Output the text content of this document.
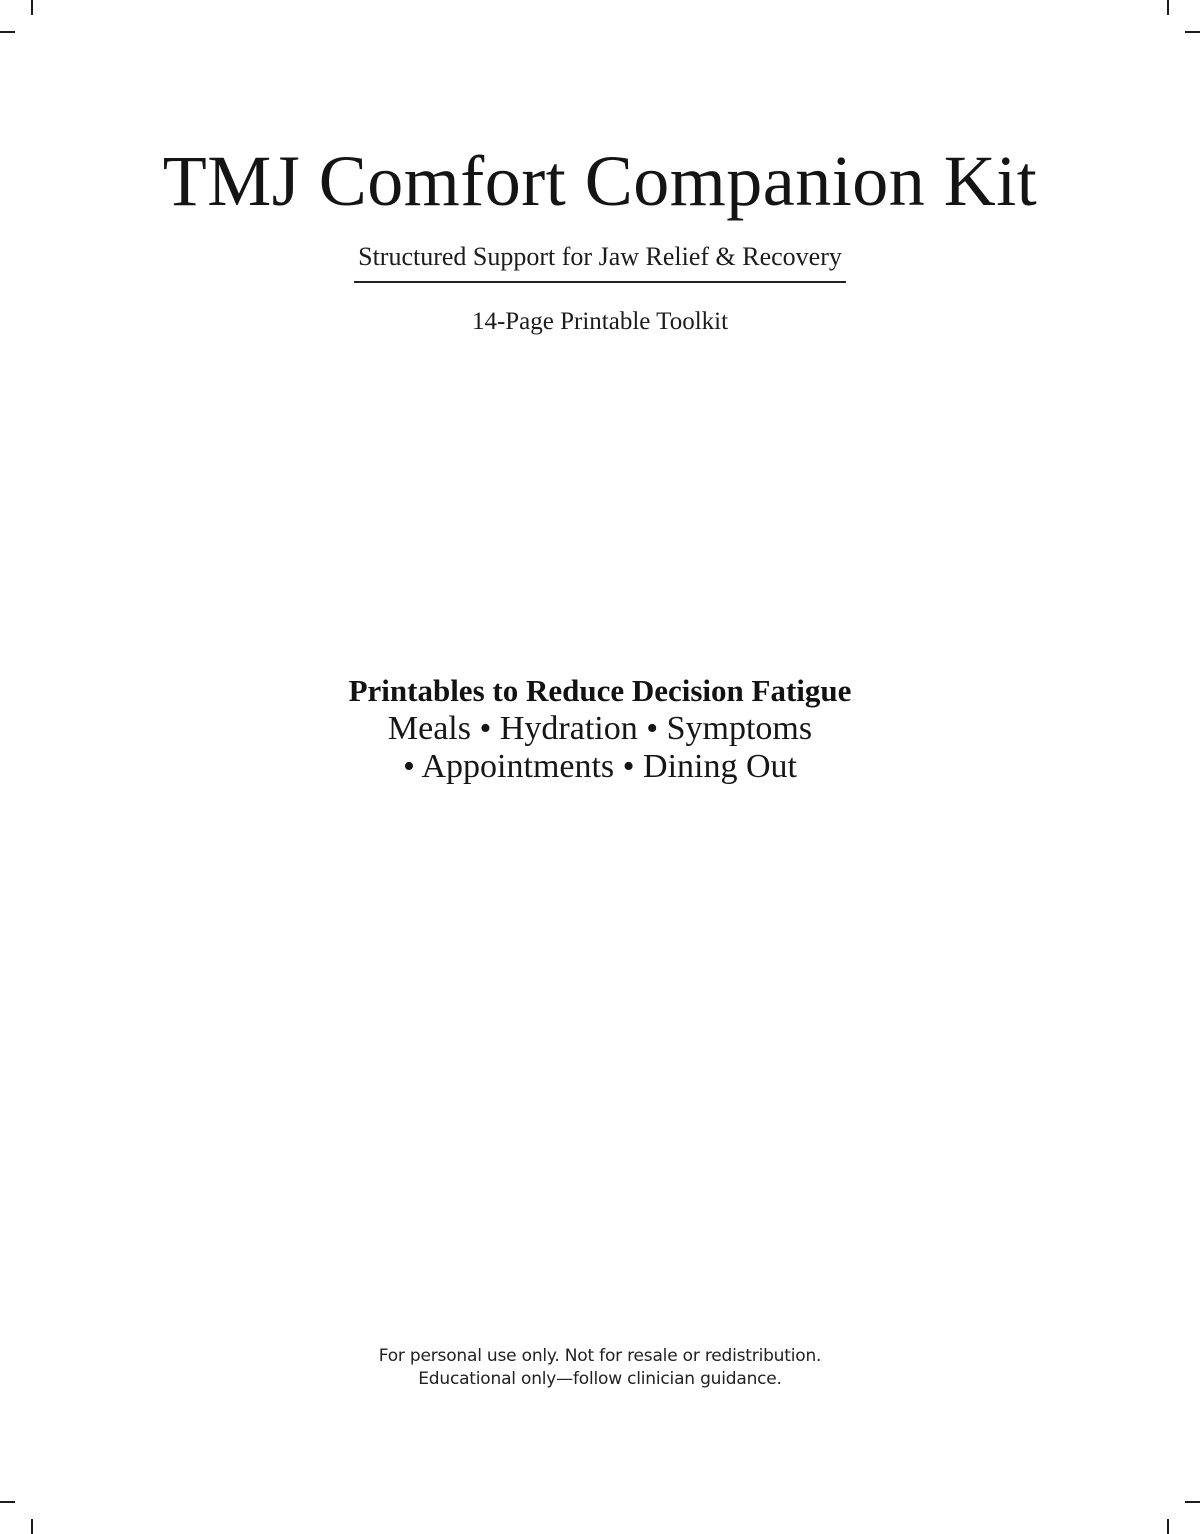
TMJ Comfort Companion Kit
Structured Support for Jaw Relief & Recovery
14-Page Printable Toolkit
Printables to Reduce Decision Fatigue
Meals • Hydration • Symptoms
• Appointments • Dining Out
For personal use only. Not for resale or redistribution.
Educational only—follow clinician guidance.
